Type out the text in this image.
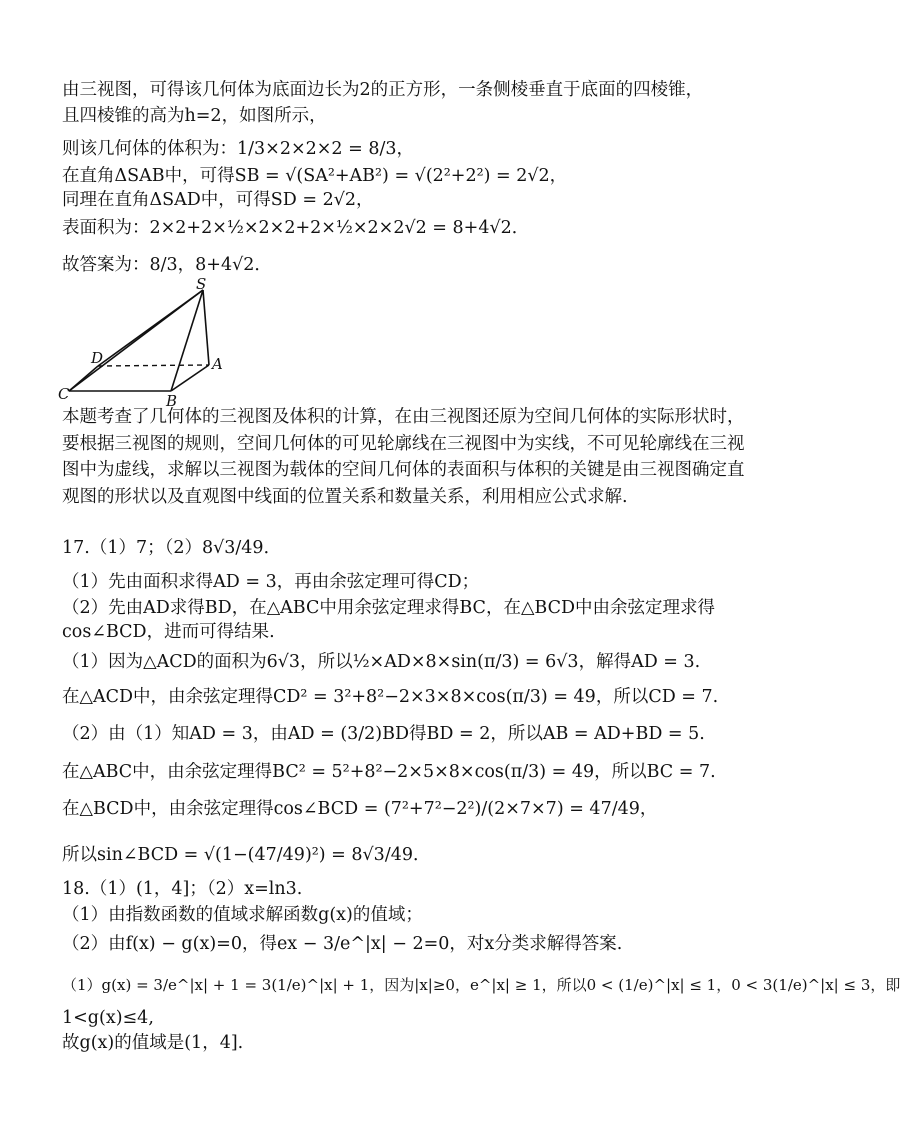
由三视图，可得该几何体为底面边长为2的正方形，一条侧棱垂直于底面的四棱锥，
且四棱锥的高为h=2，如图所示，
则该几何体的体积为：1/3×2×2×2 = 8/3，
在直角ΔSAB中，可得SB = √(SA²+AB²) = √(2²+2²) = 2√2，
同理在直角ΔSAD中，可得SD = 2√2，
表面积为：2×2+2×½×2×2+2×½×2×2√2 = 8+4√2．
故答案为：8/3，8+4√2．
S
D	A
C	B
本题考查了几何体的三视图及体积的计算，在由三视图还原为空间几何体的实际形状时，要根据三视图的规则，空间几何体的可见轮廓线在三视图中为实线，不可见轮廓线在三视图中为虚线，求解以三视图为载体的空间几何体的表面积与体积的关键是由三视图确定直观图的形状以及直观图中线面的位置关系和数量关系，利用相应公式求解.
17.（1）7；（2）8√3/49．
（1）先由面积求得AD = 3，再由余弦定理可得CD；
（2）先由AD求得BD，在△ABC中用余弦定理求得BC，在△BCD中由余弦定理求得
cos∠BCD，进而可得结果.
（1）因为△ACD的面积为6√3，所以½×AD×8×sin(π/3) = 6√3，解得AD = 3.
在△ACD中，由余弦定理得CD² = 3²+8²−2×3×8×cos(π/3) = 49，所以CD = 7.
（2）由（1）知AD = 3，由AD = (3/2)BD得BD = 2，所以AB = AD+BD = 5.
在△ABC中，由余弦定理得BC² = 5²+8²−2×5×8×cos(π/3) = 49，所以BC = 7.
在△BCD中，由余弦定理得cos∠BCD = (7²+7²−2²)/(2×7×7) = 47/49，
所以sin∠BCD = √(1−(47/49)²) = 8√3/49．
18.（1）(1，4]；（2）x=ln3.
（1）由指数函数的值域求解函数g(x)的值域；
（2）由f(x) − g(x)=0，得ex − 3/e^|x| − 2=0，对x分类求解得答案.
（1）g(x) = 3/e^|x| + 1 = 3(1/e)^|x| + 1，因为|x|≥0，e^|x| ≥ 1，所以0 < (1/e)^|x| ≤ 1，0 < 3(1/e)^|x| ≤ 3，即
1<g(x)≤4,
故g(x)的值域是(1，4].
